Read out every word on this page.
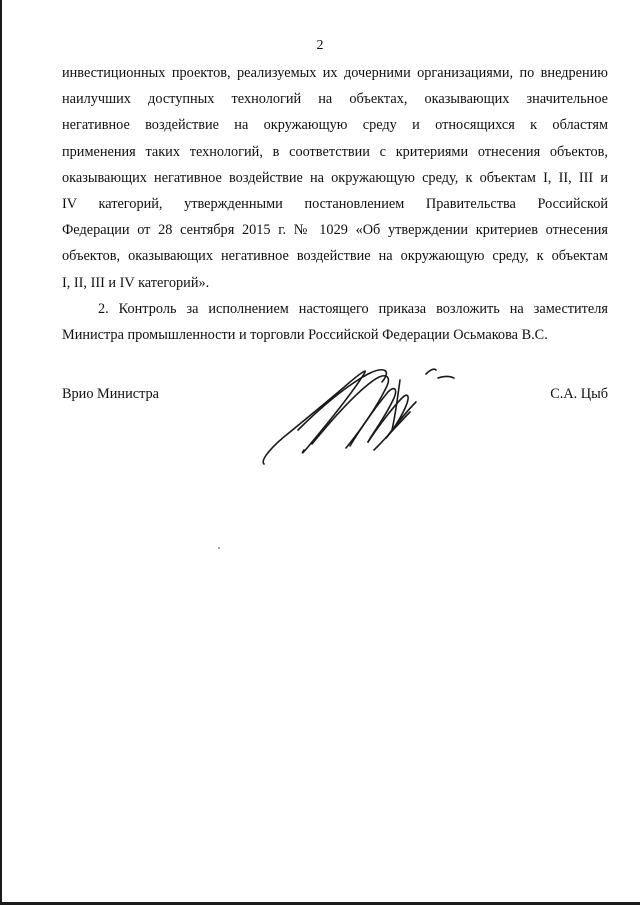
2
инвестиционных проектов, реализуемых их дочерними организациями, по внедрению
наилучших доступных технологий на объектах, оказывающих значительное
негативное воздействие на окружающую среду и относящихся к областям
применения таких технологий, в соответствии с критериями отнесения объектов,
оказывающих негативное воздействие на окружающую среду, к объектам I, II, III и
IV категорий, утвержденными постановлением Правительства Российской
Федерации от 28 сентября 2015 г. № 1029 «Об утверждении критериев отнесения
объектов, оказывающих негативное воздействие на окружающую среду, к объектам
I, II, III и IV категорий».
2. Контроль за исполнением настоящего приказа возложить на заместителя
Министра промышленности и торговли Российской Федерации Осьмакова В.С.
Врио Министра	С.А. Цыб
